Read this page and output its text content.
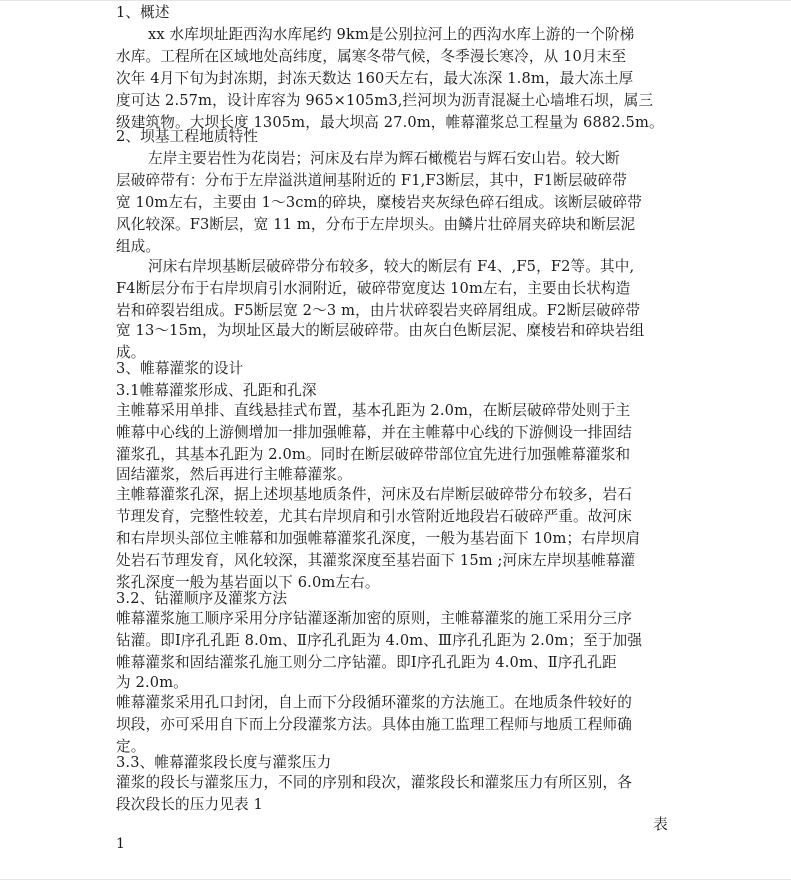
1、概述
xx 水库坝址距西沟水库尾约 9km是公别拉河上的西沟水库上游的一个阶梯
水库。工程所在区域地处高纬度，属寒冬带气候，冬季漫长寒冷，从 10月末至
次年 4月下旬为封冻期，封冻天数达 160天左右，最大冻深 1.8m，最大冻土厚
度可达 2.57m，设计库容为 965×105m3,拦河坝为沥青混凝土心墙堆石坝，属三
级建筑物。大坝长度 1305m，最大坝高 27.0m，帷幕灌浆总工程量为 6882.5m。
2、坝基工程地质特性
左岸主要岩性为花岗岩；河床及右岸为辉石橄榄岩与辉石安山岩。较大断
层破碎带有：分布于左岸溢洪道闸基附近的 F1,F3断层，其中，F1断层破碎带
宽 10m左右，主要由 1～3cm的碎块，糜棱岩夹灰绿色碎石组成。该断层破碎带
风化较深。F3断层，宽 11 m，分布于左岸坝头。由鳞片壮碎屑夹碎块和断层泥
组成。
河床右岸坝基断层破碎带分布较多，较大的断层有 F4、,F5，F2等。其中,
F4断层分布于右岸坝肩引水洞附近，破碎带宽度达 10m左右，主要由长状构造
岩和碎裂岩组成。F5断层宽 2～3 m，由片状碎裂岩夹碎屑组成。F2断层破碎带
宽 13～15m，为坝址区最大的断层破碎带。由灰白色断层泥、糜棱岩和碎块岩组
成。
3、帷幕灌浆的设计
3.1帷幕灌浆形成、孔距和孔深
主帷幕采用单排、直线悬挂式布置，基本孔距为 2.0m，在断层破碎带处则于主
帷幕中心线的上游侧增加一排加强帷幕，并在主帷幕中心线的下游侧设一排固结
灌浆孔，其基本孔距为 2.0m。同时在断层破碎带部位宜先进行加强帷幕灌浆和
固结灌浆，然后再进行主帷幕灌浆。
主帷幕灌浆孔深，据上述坝基地质条件，河床及右岸断层破碎带分布较多，岩石
节理发育，完整性较差，尤其右岸坝肩和引水管附近地段岩石破碎严重。故河床
和右岸坝头部位主帷幕和加强帷幕灌浆孔深度，一般为基岩面下 10m；右岸坝肩
处岩石节理发育，风化较深，其灌浆深度至基岩面下 15m ;河床左岸坝基帷幕灌
浆孔深度一般为基岩面以下 6.0m左右。
3.2、钻灌顺序及灌浆方法
帷幕灌浆施工顺序采用分序钻灌逐渐加密的原则，主帷幕灌浆的施工采用分三序
钻灌。即Ⅰ序孔孔距 8.0m、Ⅱ序孔孔距为 4.0m、Ⅲ序孔孔距为 2.0m；至于加强
帷幕灌浆和固结灌浆孔施工则分二序钻灌。即Ⅰ序孔孔距为 4.0m、Ⅱ序孔孔距
为 2.0m。
帷幕灌浆采用孔口封闭，自上而下分段循环灌浆的方法施工。在地质条件较好的
坝段，亦可采用自下而上分段灌浆方法。具体由施工监理工程师与地质工程师确
定。
3.3、帷幕灌浆段长度与灌浆压力
灌浆的段长与灌浆压力，不同的序别和段次，灌浆段长和灌浆压力有所区别，各
段次段长的压力见表 1
表
1
